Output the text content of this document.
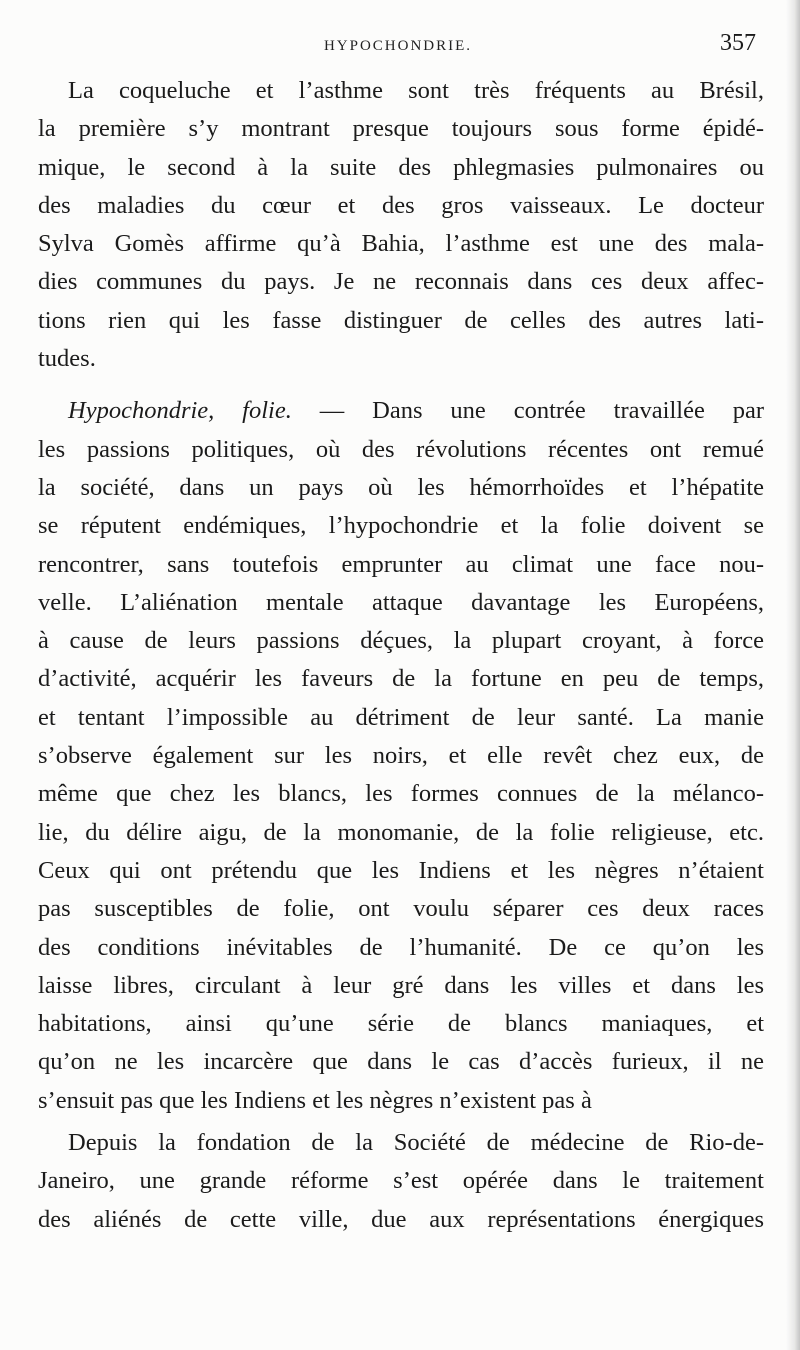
HYPOCHONDRIE.	357

La coqueluche et l’asthme sont très fréquents au Brésil,
la première s’y montrant presque toujours sous forme épidé-
mique, le second à la suite des phlegmasies pulmonaires ou
des maladies du cœur et des gros vaisseaux. Le docteur
Sylva Gomès affirme qu’à Bahia, l’asthme est une des mala-
dies communes du pays. Je ne reconnais dans ces deux affec-
tions rien qui les fasse distinguer de celles des autres lati-
tudes.

Hypochondrie, folie. — Dans une contrée travaillée par
les passions politiques, où des révolutions récentes ont remué
la société, dans un pays où les hémorrhoïdes et l’hépatite
se réputent endémiques, l’hypochondrie et la folie doivent se
rencontrer, sans toutefois emprunter au climat une face nou-
velle. L’aliénation mentale attaque davantage les Européens,
à cause de leurs passions déçues, la plupart croyant, à force
d’activité, acquérir les faveurs de la fortune en peu de temps,
et tentant l’impossible au détriment de leur santé. La manie
s’observe également sur les noirs, et elle revêt chez eux, de
même que chez les blancs, les formes connues de la mélanco-
lie, du délire aigu, de la monomanie, de la folie religieuse, etc.
Ceux qui ont prétendu que les Indiens et les nègres n’étaient
pas susceptibles de folie, ont voulu séparer ces deux races
des conditions inévitables de l’humanité. De ce qu’on les
laisse libres, circulant à leur gré dans les villes et dans les
habitations, ainsi qu’une série de blancs maniaques, et
qu’on ne les incarcère que dans le cas d’accès furieux, il ne
s’ensuit pas que les Indiens et les nègres n’existent pas à

Depuis la fondation de la Société de médecine de Rio-de-
Janeiro, une grande réforme s’est opérée dans le traitement
des aliénés de cette ville, due aux représentations énergiques
